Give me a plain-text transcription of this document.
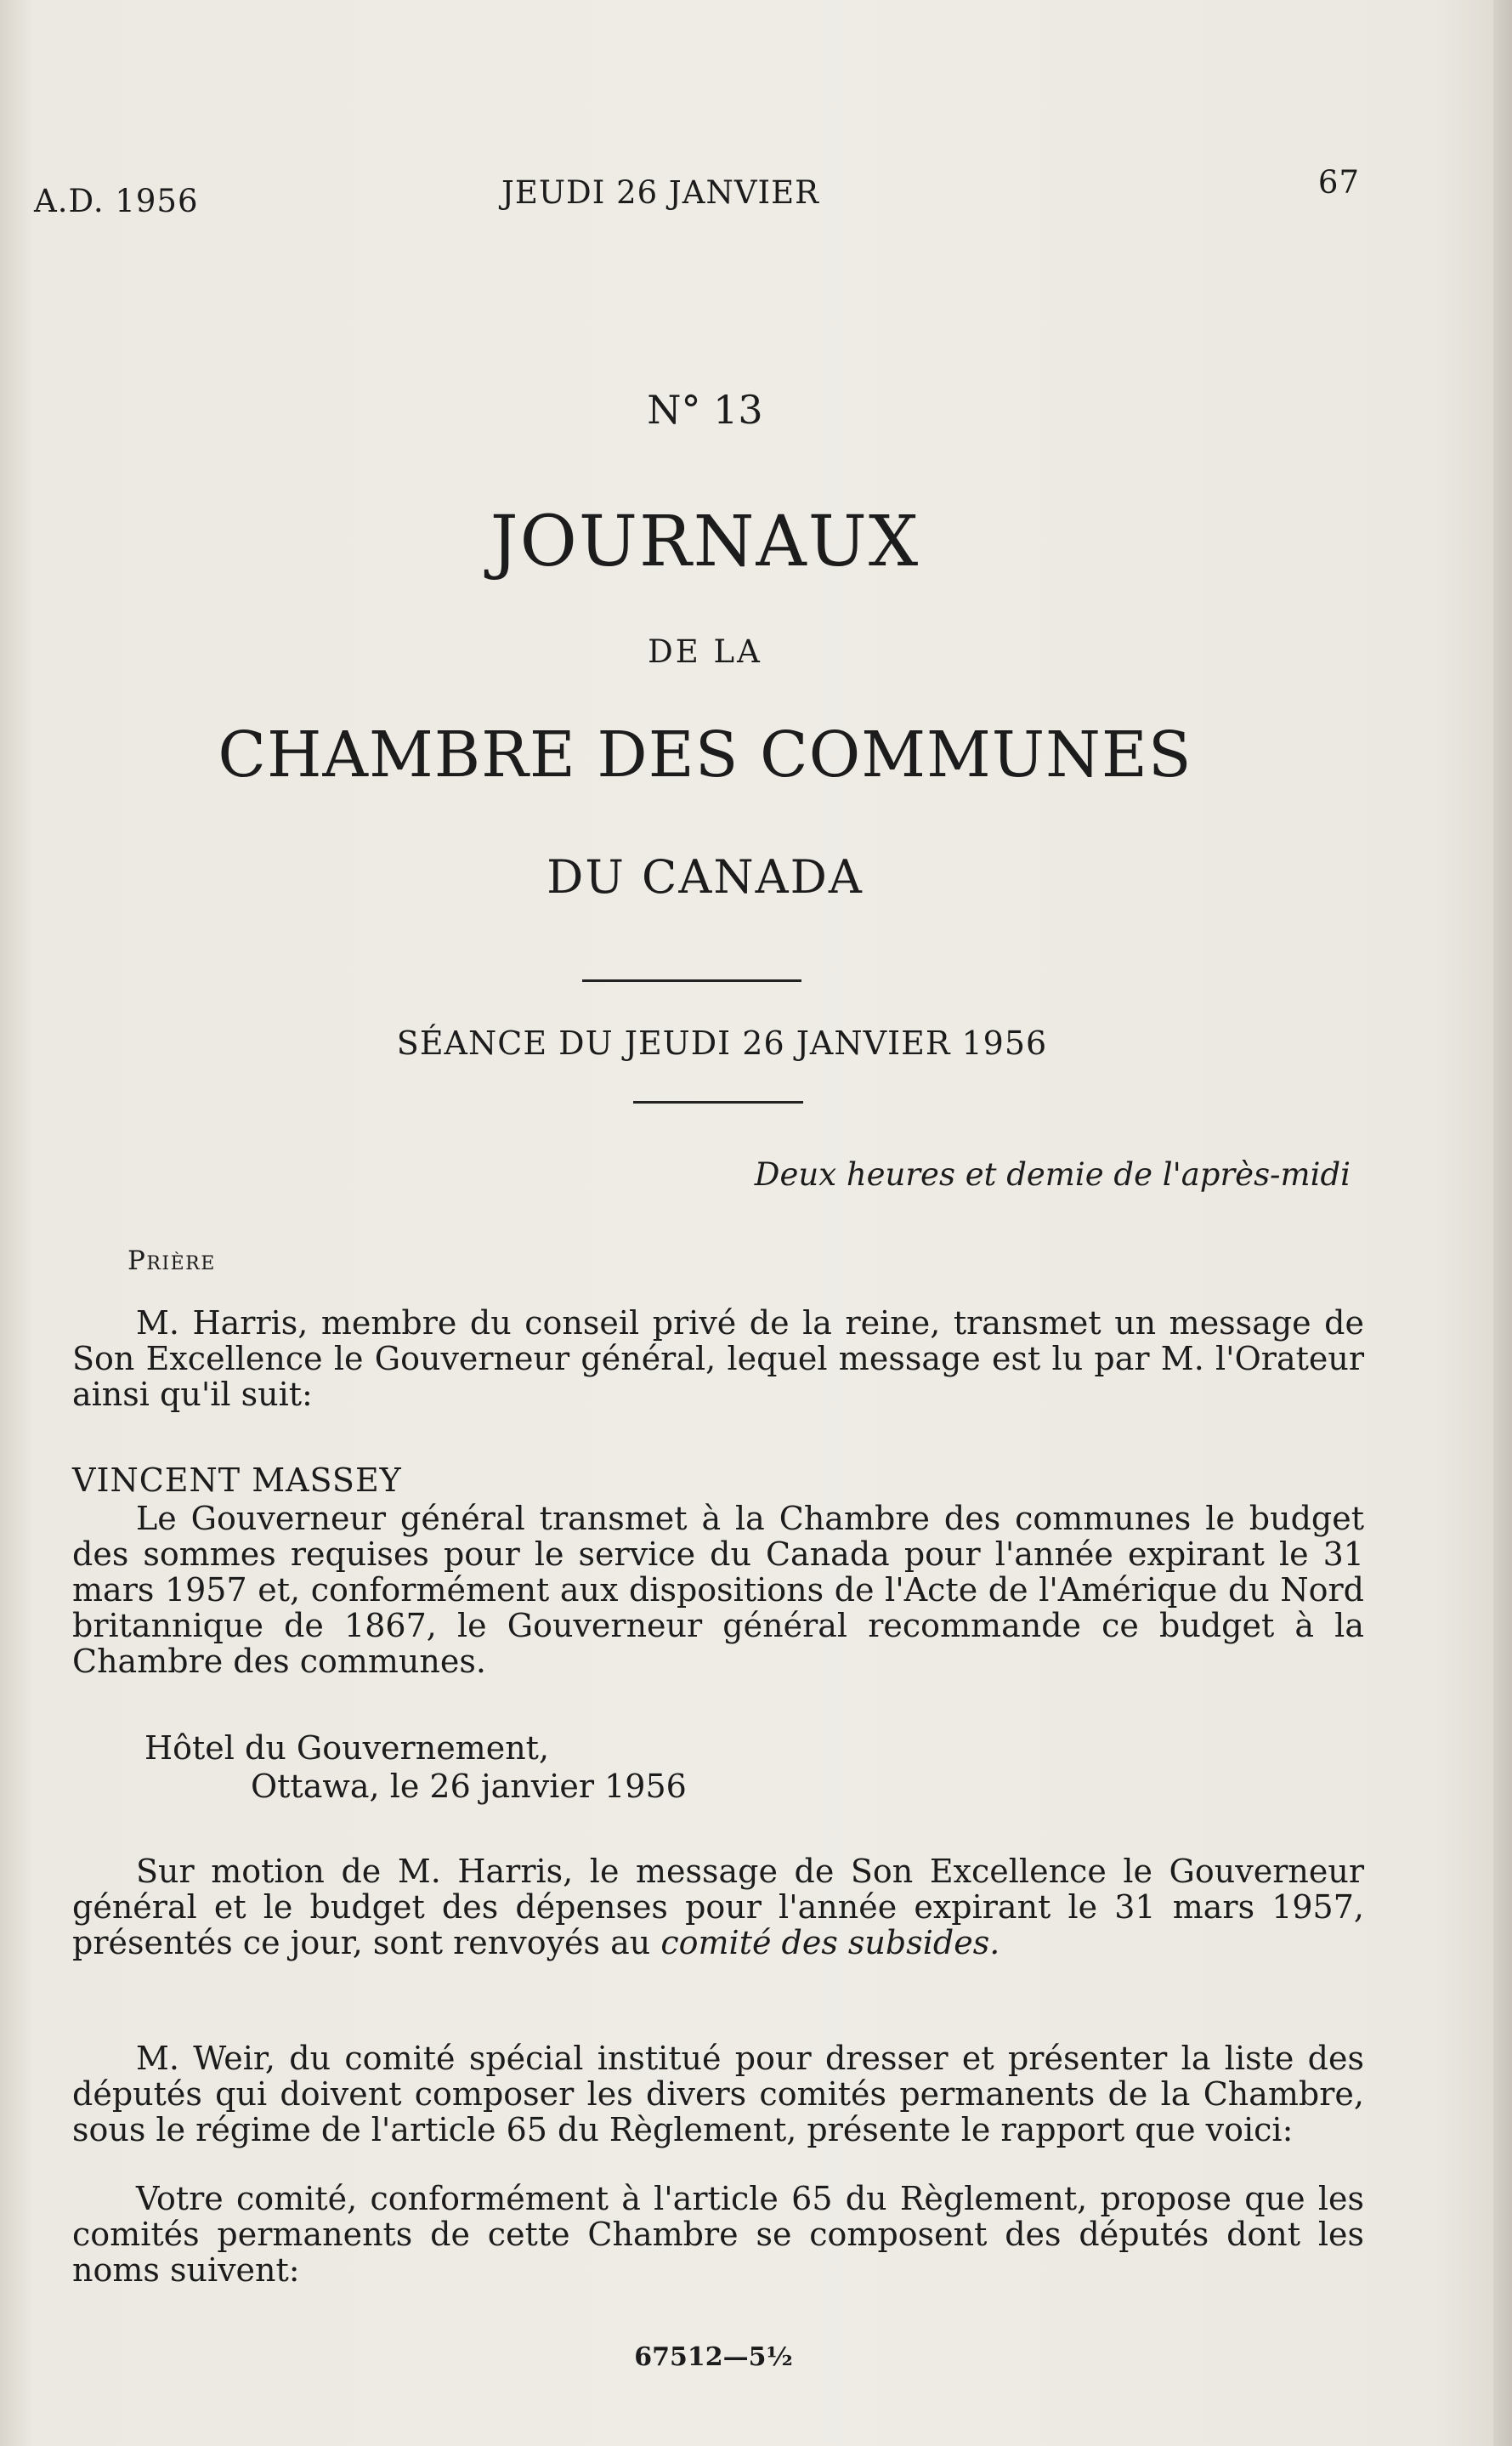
A.D. 1956	JEUDI 26 JANVIER	67
N° 13
JOURNAUX
DE LA
CHAMBRE DES COMMUNES
DU CANADA
SÉANCE DU JEUDI 26 JANVIER 1956
Deux heures et demie de l'après-midi
Prière

M. Harris, membre du conseil privé de la reine, transmet un message de Son Excellence le Gouverneur général, lequel message est lu par M. l'Orateur ainsi qu'il suit:

VINCENT MASSEY

Le Gouverneur général transmet à la Chambre des communes le budget des sommes requises pour le service du Canada pour l'année expirant le 31 mars 1957 et, conformément aux dispositions de l'Acte de l'Amérique du Nord britannique de 1867, le Gouverneur général recommande ce budget à la Chambre des communes.

Hôtel du Gouvernement,

Ottawa, le 26 janvier 1956

Sur motion de M. Harris, le message de Son Excellence le Gouverneur général et le budget des dépenses pour l'année expirant le 31 mars 1957, présentés ce jour, sont renvoyés au comité des subsides.

M. Weir, du comité spécial institué pour dresser et présenter la liste des députés qui doivent composer les divers comités permanents de la Chambre, sous le régime de l'article 65 du Règlement, présente le rapport que voici:

Votre comité, conformément à l'article 65 du Règlement, propose que les comités permanents de cette Chambre se composent des députés dont les noms suivent:

67512—5½
